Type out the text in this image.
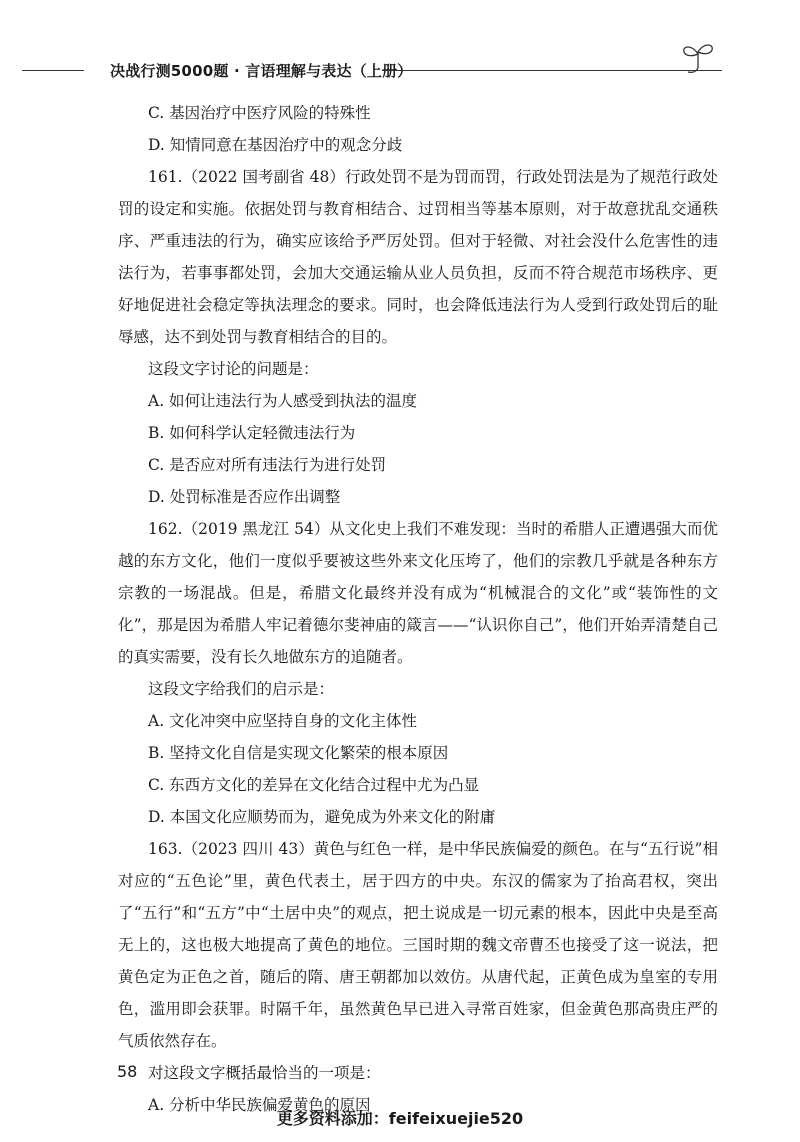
决战行测5000题 · 言语理解与表达（上册）

C. 基因治疗中医疗风险的特殊性

D. 知情同意在基因治疗中的观念分歧

161.（2022 国考副省 48）行政处罚不是为罚而罚，行政处罚法是为了规范行政处罚的设定和实施。依据处罚与教育相结合、过罚相当等基本原则，对于故意扰乱交通秩序、严重违法的行为，确实应该给予严厉处罚。但对于轻微、对社会没什么危害性的违法行为，若事事都处罚，会加大交通运输从业人员负担，反而不符合规范市场秩序、更好地促进社会稳定等执法理念的要求。同时，也会降低违法行为人受到行政处罚后的耻辱感，达不到处罚与教育相结合的目的。

这段文字讨论的问题是：

A. 如何让违法行为人感受到执法的温度

B. 如何科学认定轻微违法行为

C. 是否应对所有违法行为进行处罚

D. 处罚标准是否应作出调整

162.（2019 黑龙江 54）从文化史上我们不难发现：当时的希腊人正遭遇强大而优越的东方文化，他们一度似乎要被这些外来文化压垮了，他们的宗教几乎就是各种东方宗教的一场混战。但是，希腊文化最终并没有成为“机械混合的文化”或“装饰性的文化”，那是因为希腊人牢记着德尔斐神庙的箴言——“认识你自己”，他们开始弄清楚自己的真实需要，没有长久地做东方的追随者。

这段文字给我们的启示是：

A. 文化冲突中应坚持自身的文化主体性

B. 坚持文化自信是实现文化繁荣的根本原因

C. 东西方文化的差异在文化结合过程中尤为凸显

D. 本国文化应顺势而为，避免成为外来文化的附庸

163.（2023 四川 43）黄色与红色一样，是中华民族偏爱的颜色。在与“五行说”相对应的“五色论”里，黄色代表土，居于四方的中央。东汉的儒家为了抬高君权，突出了“五行”和“五方”中“土居中央”的观点，把土说成是一切元素的根本，因此中央是至高无上的，这也极大地提高了黄色的地位。三国时期的魏文帝曹丕也接受了这一说法，把黄色定为正色之首，随后的隋、唐王朝都加以效仿。从唐代起，正黄色成为皇室的专用色，滥用即会获罪。时隔千年，虽然黄色早已进入寻常百姓家，但金黄色那高贵庄严的气质依然存在。

对这段文字概括最恰当的一项是：

A. 分析中华民族偏爱黄色的原因

58
更多资料添加：feifeixuejie520
